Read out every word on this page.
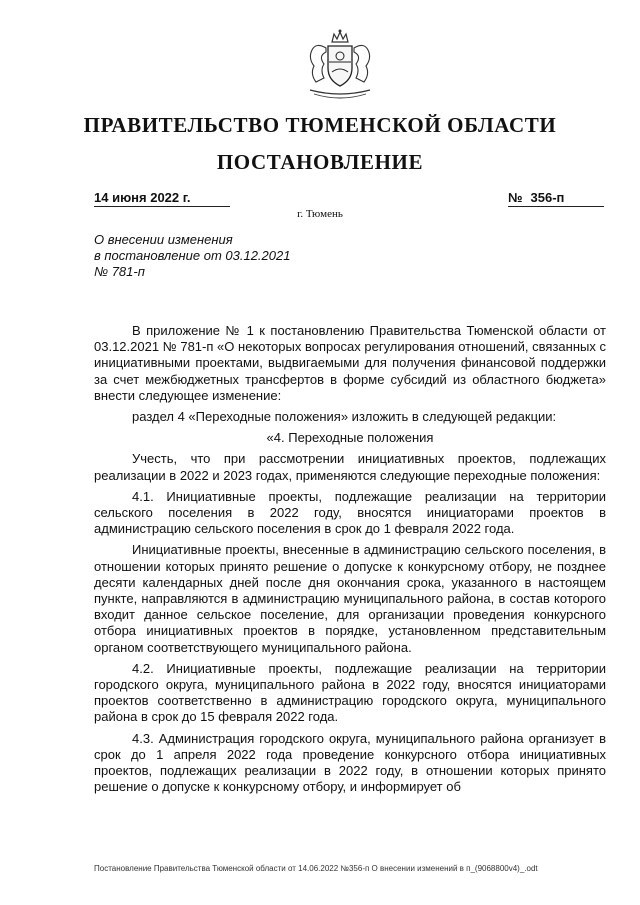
ПРАВИТЕЛЬСТВО ТЮМЕНСКОЙ ОБЛАСТИ
ПОСТАНОВЛЕНИЕ
14 июня 2022 г.	№ 356-п
г. Тюмень
О внесении изменения
в постановление от 03.12.2021
№ 781-п

В приложение № 1 к постановлению Правительства Тюменской области от 03.12.2021 № 781-п «О некоторых вопросах регулирования отношений, связанных с инициативными проектами, выдвигаемыми для получения финансовой поддержки за счет межбюджетных трансфертов в форме субсидий из областного бюджета» внести следующее изменение:

раздел 4 «Переходные положения» изложить в следующей редакции:

«4. Переходные положения

Учесть, что при рассмотрении инициативных проектов, подлежащих реализации в 2022 и 2023 годах, применяются следующие переходные положения:

4.1. Инициативные проекты, подлежащие реализации на территории сельского поселения в 2022 году, вносятся инициаторами проектов в администрацию сельского поселения в срок до 1 февраля 2022 года.

Инициативные проекты, внесенные в администрацию сельского поселения, в отношении которых принято решение о допуске к конкурсному отбору, не позднее десяти календарных дней после дня окончания срока, указанного в настоящем пункте, направляются в администрацию муниципального района, в состав которого входит данное сельское поселение, для организации проведения конкурсного отбора инициативных проектов в порядке, установленном представительным органом соответствующего муниципального района.

4.2. Инициативные проекты, подлежащие реализации на территории городского округа, муниципального района в 2022 году, вносятся инициаторами проектов соответственно в администрацию городского округа, муниципального района в срок до 15 февраля 2022 года.

4.3. Администрация городского округа, муниципального района организует в срок до 1 апреля 2022 года проведение конкурсного отбора инициативных проектов, подлежащих реализации в 2022 году, в отношении которых принято решение о допуске к конкурсному отбору, и информирует об

Постановление Правительства Тюменской области от 14.06.2022 №356-п О внесении изменений в п_(9068800v4)_.odt
